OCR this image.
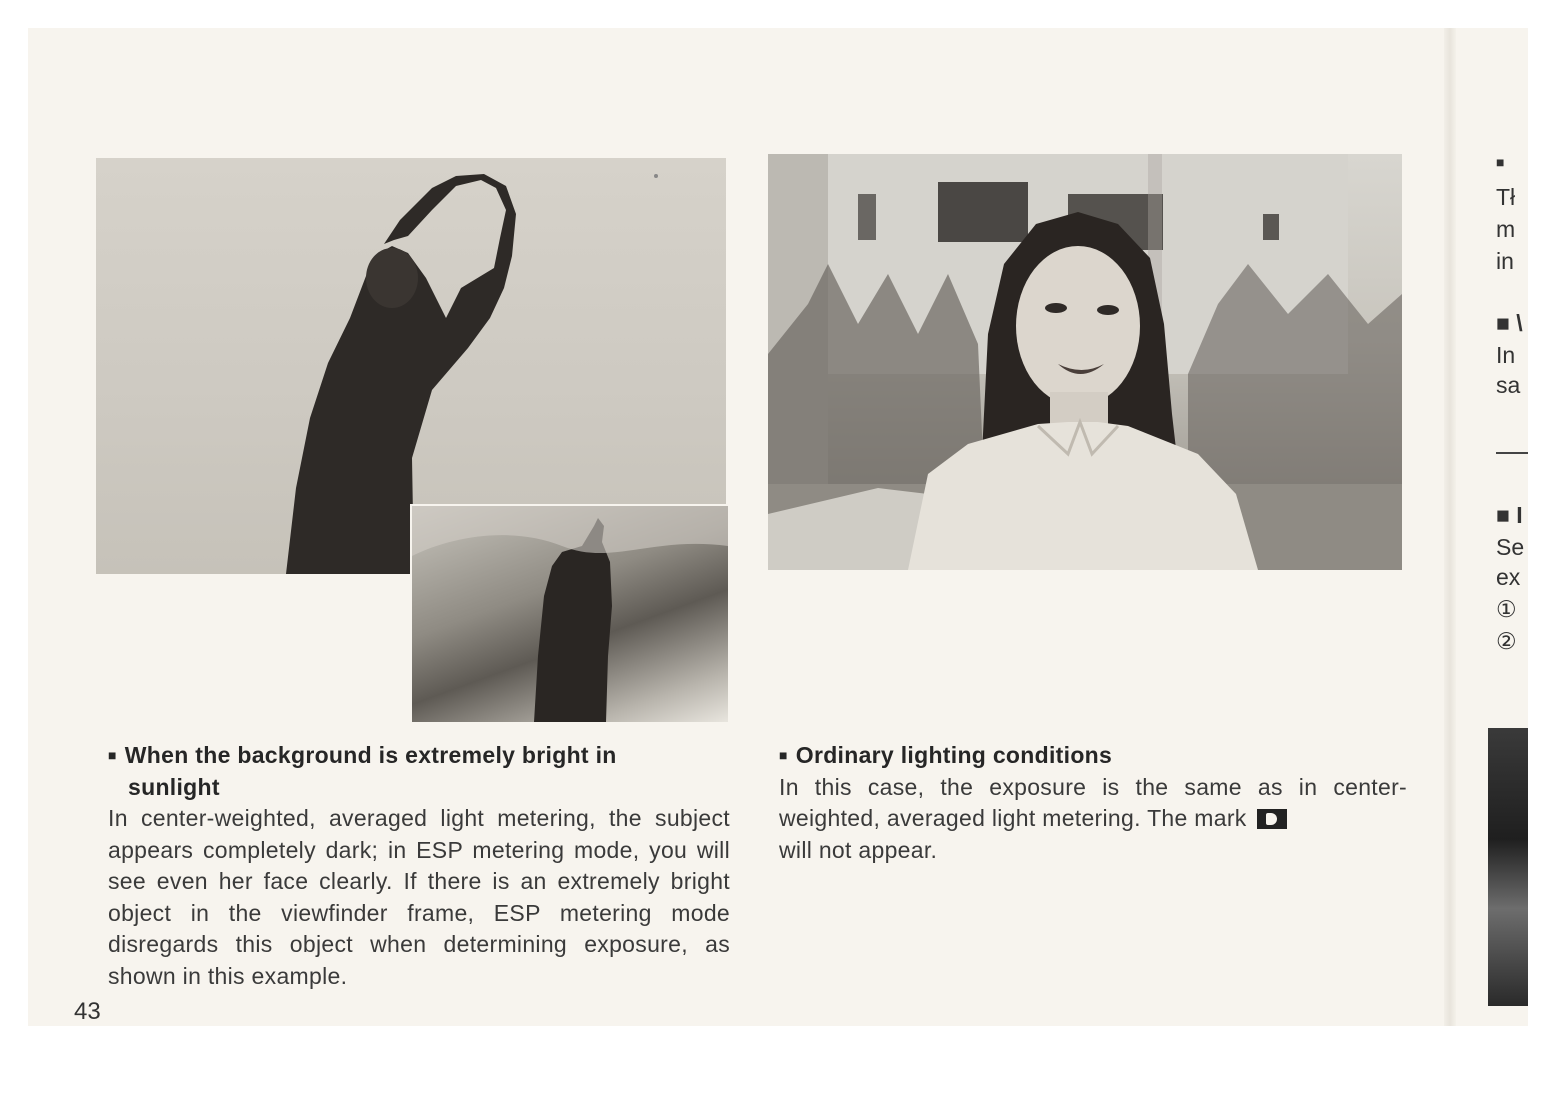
■ When the background is extremely bright in
sunlight
In center-weighted, averaged light metering, the subject appears completely dark; in ESP metering mode, you will see even her face clearly. If there is an extremely bright object in the viewfinder frame, ESP metering mode disregards this object when determining exposure, as shown in this example.
■ Ordinary lighting conditions
In this case, the exposure is the same as in center-weighted, averaged light metering. The mark
will not appear.
43
■
Tł
m
in
■ \
In
sa
■ I
Se
ex
①
②
